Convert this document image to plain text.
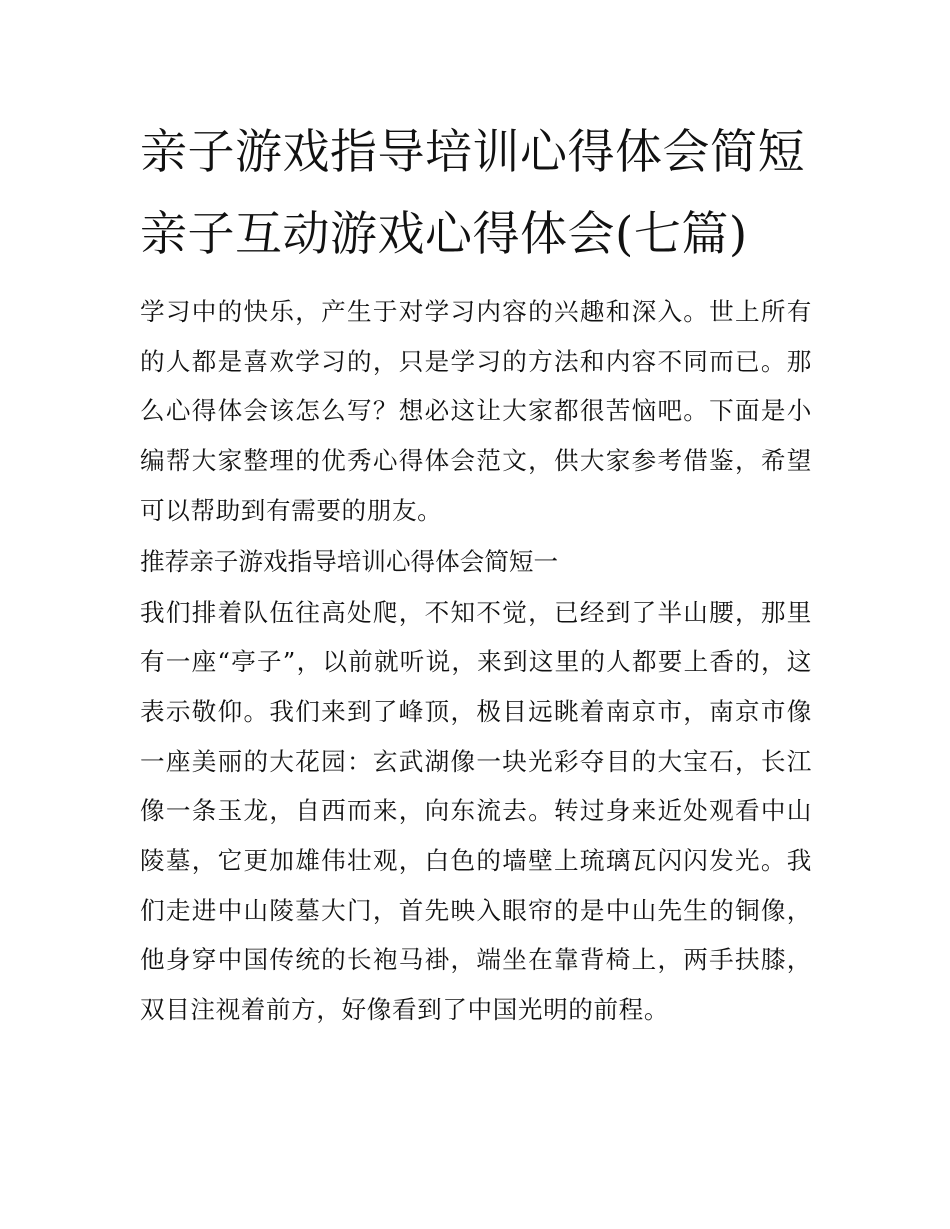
亲子游戏指导培训心得体会简短 亲子互动游戏心得体会(七篇)

学习中的快乐，产生于对学习内容的兴趣和深入。世上所有的人都是喜欢学习的，只是学习的方法和内容不同而已。那么心得体会该怎么写？想必这让大家都很苦恼吧。下面是小编帮大家整理的优秀心得体会范文，供大家参考借鉴，希望可以帮助到有需要的朋友。

推荐亲子游戏指导培训心得体会简短一

我们排着队伍往高处爬，不知不觉，已经到了半山腰，那里有一座“亭子”，以前就听说，来到这里的人都要上香的，这表示敬仰。我们来到了峰顶，极目远眺着南京市，南京市像一座美丽的大花园：玄武湖像一块光彩夺目的大宝石，长江像一条玉龙，自西而来，向东流去。转过身来近处观看中山陵墓，它更加雄伟壮观，白色的墙壁上琉璃瓦闪闪发光。我们走进中山陵墓大门，首先映入眼帘的是中山先生的铜像，他身穿中国传统的长袍马褂，端坐在靠背椅上，两手扶膝，双目注视着前方，好像看到了中国光明的前程。
